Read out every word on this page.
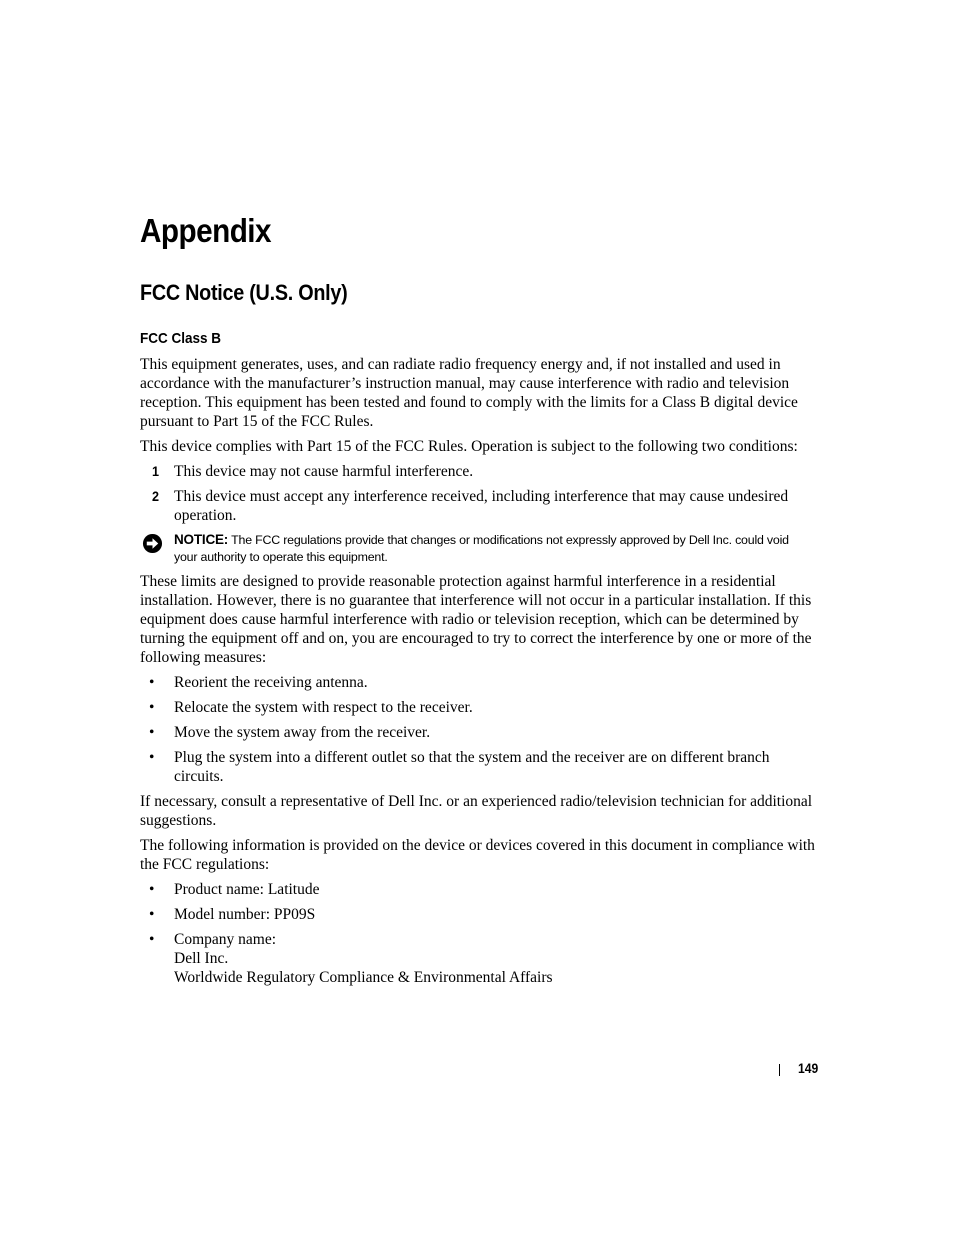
Appendix
FCC Notice (U.S. Only)
FCC Class B

This equipment generates, uses, and can radiate radio frequency energy and, if not installed and used in accordance with the manufacturer’s instruction manual, may cause interference with radio and television reception. This equipment has been tested and found to comply with the limits for a Class B digital device pursuant to Part 15 of the FCC Rules.

This device complies with Part 15 of the FCC Rules. Operation is subject to the following two conditions:

1 This device may not cause harmful interference.
2 This device must accept any interference received, including interference that may cause undesired operation.
NOTICE: The FCC regulations provide that changes or modifications not expressly approved by Dell Inc. could void your authority to operate this equipment.

These limits are designed to provide reasonable protection against harmful interference in a residential installation. However, there is no guarantee that interference will not occur in a particular installation. If this equipment does cause harmful interference with radio or television reception, which can be determined by turning the equipment off and on, you are encouraged to try to correct the interference by one or more of the following measures:

• Reorient the receiving antenna.
• Relocate the system with respect to the receiver.
• Move the system away from the receiver.
• Plug the system into a different outlet so that the system and the receiver are on different branch circuits.

If necessary, consult a representative of Dell Inc. or an experienced radio/television technician for additional suggestions.

The following information is provided on the device or devices covered in this document in compliance with the FCC regulations:

• Product name: Latitude
• Model number: PP09S
• Company name:
Dell Inc.
Worldwide Regulatory Compliance & Environmental Affairs
149
